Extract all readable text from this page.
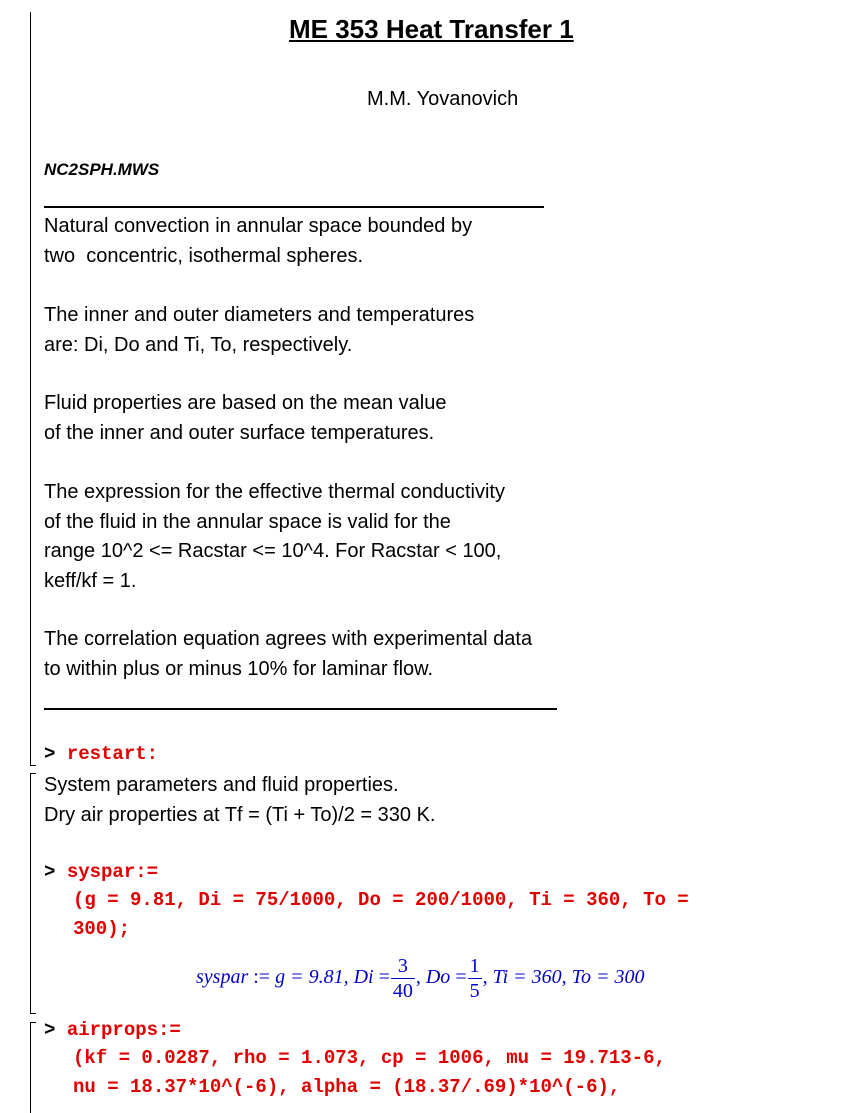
ME 353 Heat Transfer 1
M.M. Yovanovich
NC2SPH.MWS
Natural convection in annular space bounded by
two  concentric, isothermal spheres.
The inner and outer diameters and temperatures
are: Di, Do and Ti, To, respectively.
Fluid properties are based on the mean value
of the inner and outer surface temperatures.
The expression for the effective thermal conductivity
of the fluid in the annular space is valid for the
range 10^2 <= Racstar <= 10^4. For Racstar < 100,
keff/kf = 1.
The correlation equation agrees with experimental data
to within plus or minus 10% for laminar flow.
> restart:
System parameters and fluid properties.
Dry air properties at Tf = (Ti + To)/2 = 330 K.
> syspar:=
(g = 9.81, Di = 75/1000, Do = 200/1000, Ti = 360, To =
300);
syspar := g = 9.81, $Di = \frac{3}{40}$ , $Do = \frac{1}{5}$ , Ti = 360, To = 300
> airprops:=
(kf = 0.0287, rho = 1.073, cp = 1006, mu = 19.713-6,
nu = 18.37*10^(-6), alpha = (18.37/.69)*10^(-6),
